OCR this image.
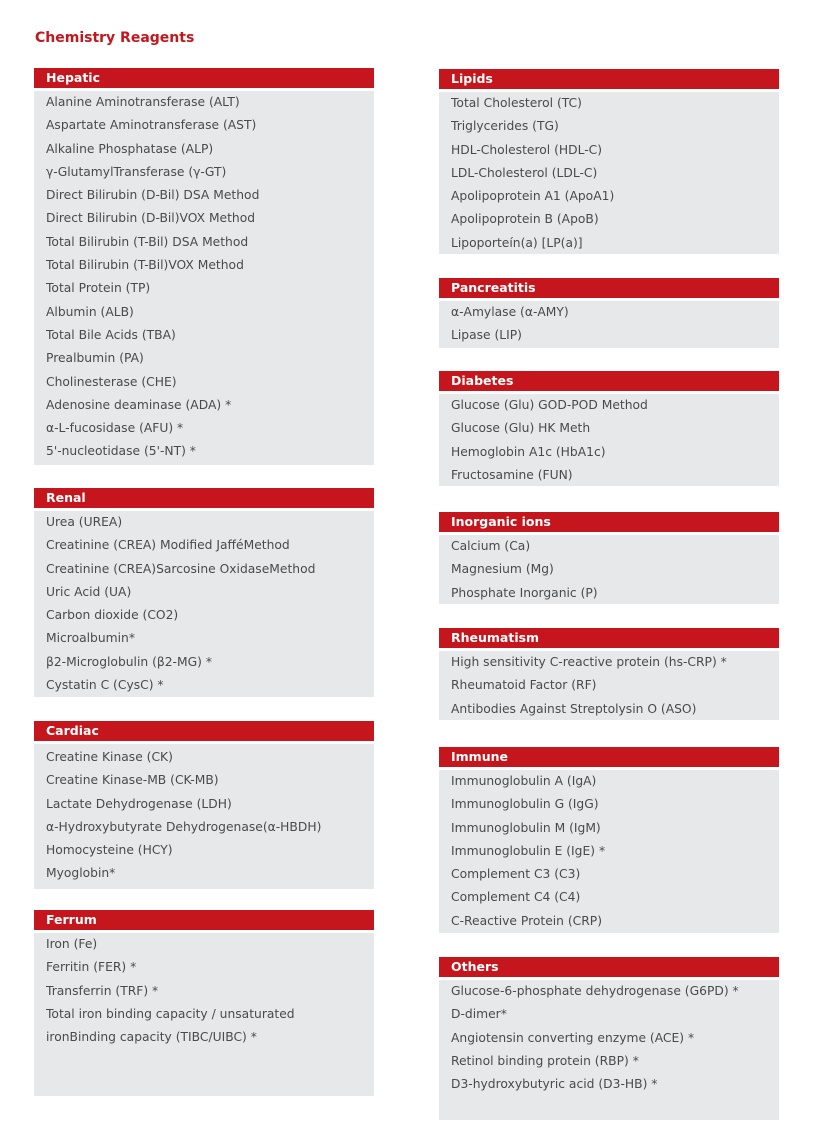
Chemistry Reagents
Hepatic
Alanine Aminotransferase (ALT)
Aspartate Aminotransferase (AST)
Alkaline Phosphatase (ALP)
γ-GlutamylTransferase (γ-GT)
Direct Bilirubin (D-Bil) DSA Method
Direct Bilirubin (D-Bil)VOX Method
Total Bilirubin (T-Bil) DSA Method
Total Bilirubin (T-Bil)VOX Method
Total Protein (TP)
Albumin (ALB)
Total Bile Acids (TBA)
Prealbumin (PA)
Cholinesterase (CHE)
Adenosine deaminase (ADA) *
α-L-fucosidase (AFU) *
5'-nucleotidase (5'-NT) *
Renal
Urea (UREA)
Creatinine (CREA) Modified JafféMethod
Creatinine (CREA)Sarcosine OxidaseMethod
Uric Acid (UA)
Carbon dioxide (CO2)
Microalbumin*
β2-Microglobulin (β2-MG) *
Cystatin C (CysC) *
Cardiac
Creatine Kinase (CK)
Creatine Kinase-MB (CK-MB)
Lactate Dehydrogenase (LDH)
α-Hydroxybutyrate Dehydrogenase(α-HBDH)
Homocysteine (HCY)
Myoglobin*
Ferrum
Iron (Fe)
Ferritin (FER) *
Transferrin (TRF) *
Total iron binding capacity / unsaturated ironBinding capacity (TIBC/UIBC) *
Lipids
Total Cholesterol (TC)
Triglycerides (TG)
HDL-Cholesterol (HDL-C)
LDL-Cholesterol (LDL-C)
Apolipoprotein A1 (ApoA1)
Apolipoprotein B (ApoB)
Lipoporteín(a) [LP(a)]
Pancreatitis
α-Amylase (α-AMY)
Lipase (LIP)
Diabetes
Glucose (Glu) GOD-POD Method
Glucose (Glu) HK Meth
Hemoglobin A1c (HbA1c)
Fructosamine (FUN)
Inorganic ions
Calcium (Ca)
Magnesium (Mg)
Phosphate Inorganic (P)
Rheumatism
High sensitivity C-reactive protein (hs-CRP) *
Rheumatoid Factor (RF)
Antibodies Against Streptolysin O (ASO)
Immune
Immunoglobulin A (IgA)
Immunoglobulin G (IgG)
Immunoglobulin M (IgM)
Immunoglobulin E (IgE) *
Complement C3 (C3)
Complement C4 (C4)
C-Reactive Protein (CRP)
Others
Glucose-6-phosphate dehydrogenase (G6PD) *
D-dimer*
Angiotensin converting enzyme (ACE) *
Retinol binding protein (RBP) *
D3-hydroxybutyric acid (D3-HB) *
